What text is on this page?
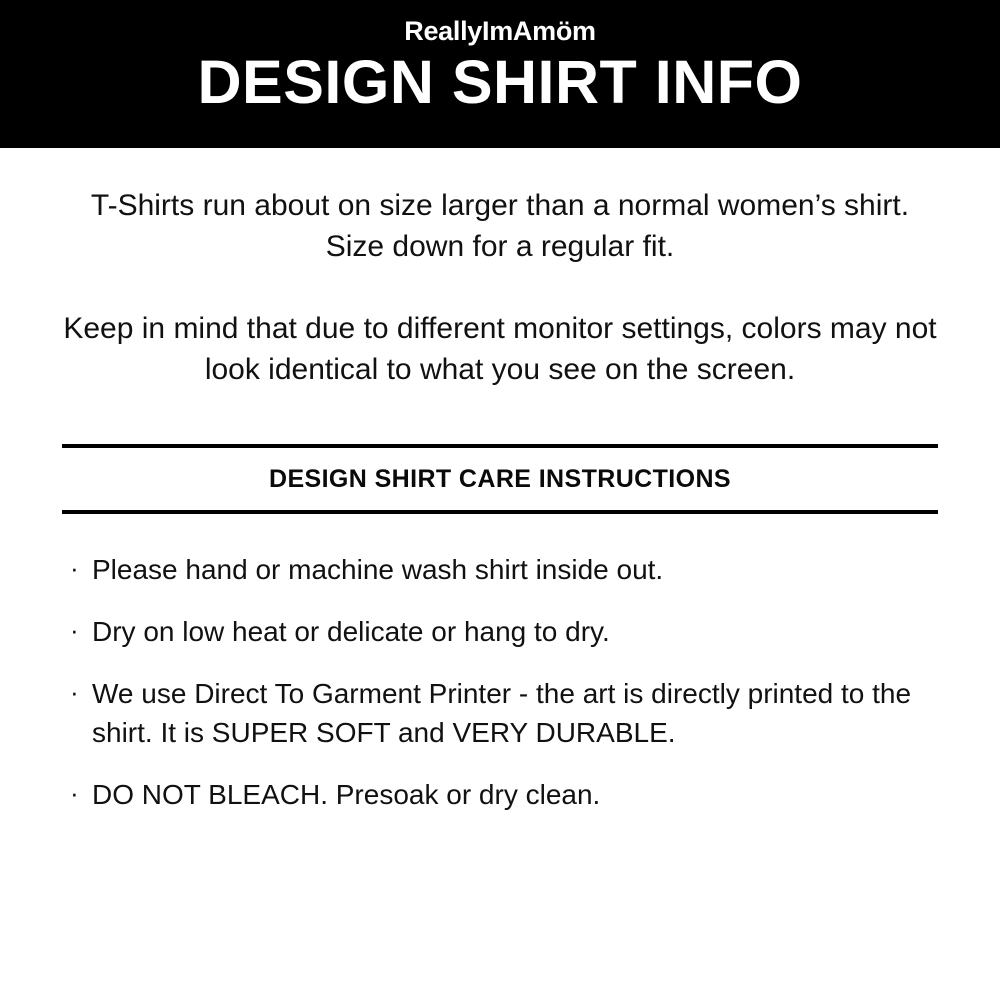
ReallyImAmöm
DESIGN SHIRT INFO

T-Shirts run about on size larger than a normal women’s shirt. Size down for a regular fit.

Keep in mind that due to different monitor settings, colors may not look identical to what you see on the screen.

DESIGN SHIRT CARE INSTRUCTIONS
· Please hand or machine wash shirt inside out.
· Dry on low heat or delicate or hang to dry.
· We use Direct To Garment Printer - the art is directly printed to the shirt. It is SUPER SOFT and VERY DURABLE.
· DO NOT BLEACH. Presoak or dry clean.
